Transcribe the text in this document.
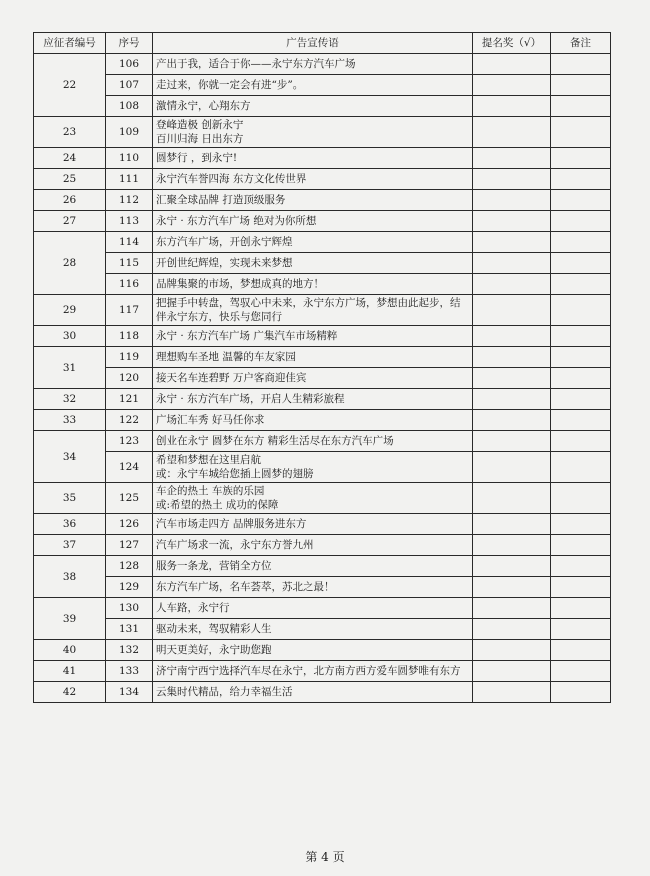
应征者编号	序号	广告宣传语	提名奖（√）	备注
22	106	产出于我，适合于你——永宁东方汽车广场		
	107	走过来，你就一定会有进“步”。		
	108	激情永宁，心翔东方		
23	109	登峰造极 创新永宁
百川归海 日出东方		
24	110	圆梦行 ，到永宁!		
25	111	永宁汽车誉四海 东方文化传世界		
26	112	汇聚全球品牌 打造顶级服务		
27	113	永宁 · 东方汽车广场 绝对为你所想		
28	114	东方汽车广场，开创永宁辉煌		
	115	开创世纪辉煌，实现未来梦想		
	116	品牌集聚的市场，梦想成真的地方！		
29	117	把握手中转盘，驾驭心中未来，永宁东方广场，梦想由此起步，结伴永宁东方，快乐与您同行		
30	118	永宁 · 东方汽车广场 广集汽车市场精粹		
31	119	理想购车圣地 温馨的车友家园		
	120	接天名车连碧野 万户客商迎佳宾		
32	121	永宁 · 东方汽车广场，开启人生精彩旅程		
33	122	广场汇车秀 好马任你求		
34	123	创业在永宁 圆梦在东方 精彩生活尽在东方汽车广场		
	124	希望和梦想在这里启航
或：永宁车城给您插上圆梦的翅膀		
35	125	车企的热土 车族的乐园
或:希望的热土 成功的保障		
36	126	汽车市场走四方 品牌服务进东方		
37	127	汽车广场求一流，永宁东方誉九州		
38	128	服务一条龙，营销全方位		
	129	东方汽车广场，名车荟萃，苏北之最！		
39	130	人车路，永宁行		
	131	驱动未来，驾驭精彩人生		
40	132	明天更美好，永宁助您跑		
41	133	济宁南宁西宁选择汽车尽在永宁，北方南方西方爱车圆梦唯有东方		
42	134	云集时代精品，给力幸福生活		
第 4 页
